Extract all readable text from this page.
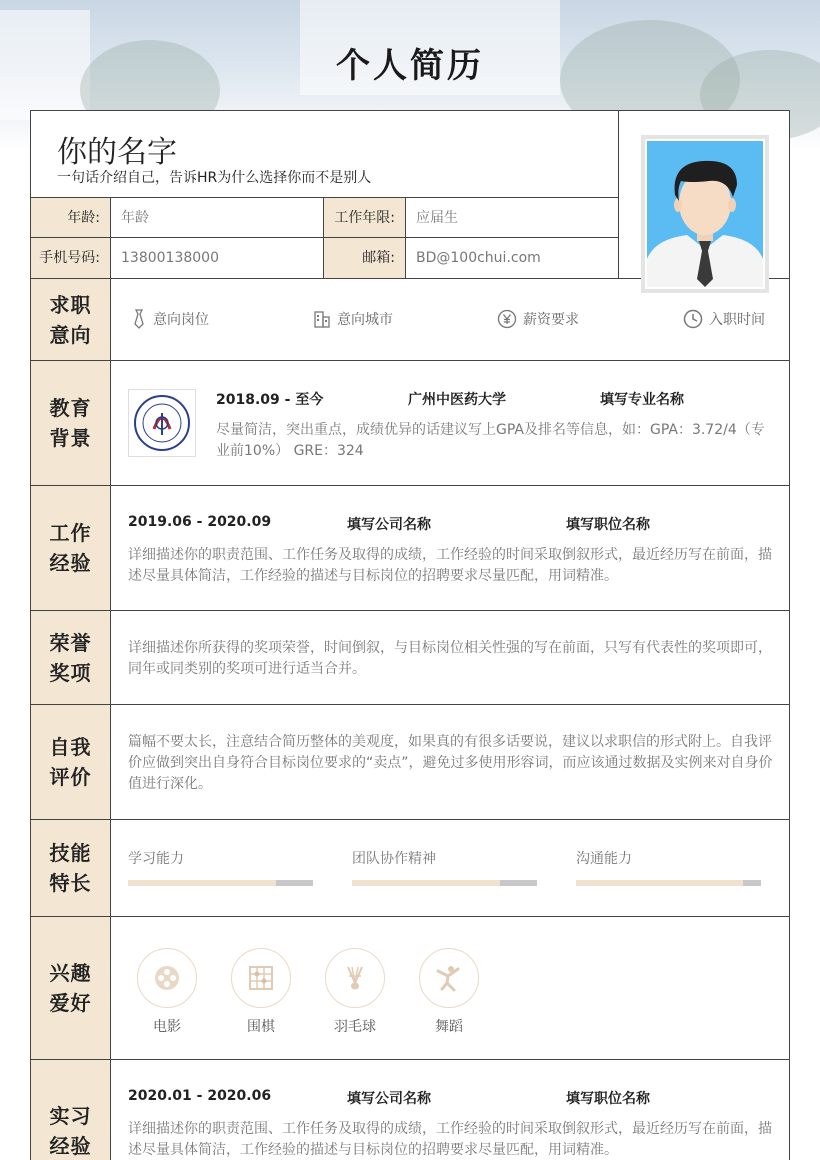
个人简历
你的名字
一句话介绍自己，告诉HR为什么选择你而不是别人
年龄:	年龄	工作年限:	应届生
手机号码:	13800138000	邮箱:	BD@100chui.com
求职
意向
意向岗位	意向城市	薪资要求	入职时间
教育
背景
2018.09 - 至今	广州中医药大学	填写专业名称
尽量简洁，突出重点，成绩优异的话建议写上GPA及排名等信息，如：GPA：3.72/4（专业前10%） GRE：324
工作
经验
2019.06 - 2020.09	填写公司名称	填写职位名称
详细描述你的职责范围、工作任务及取得的成绩，工作经验的时间采取倒叙形式，最近经历写在前面，描述尽量具体简洁，工作经验的描述与目标岗位的招聘要求尽量匹配，用词精准。
荣誉
奖项
详细描述你所获得的奖项荣誉，时间倒叙，与目标岗位相关性强的写在前面，只写有代表性的奖项即可，同年或同类别的奖项可进行适当合并。
自我
评价
篇幅不要太长，注意结合简历整体的美观度，如果真的有很多话要说，建议以求职信的形式附上。自我评价应做到突出自身符合目标岗位要求的“卖点”，避免过多使用形容词，而应该通过数据及实例来对自身价值进行深化。
技能
特长
学习能力	团队协作精神	沟通能力
兴趣
爱好
电影	围棋	羽毛球	舞蹈
实习
经验
2020.01 - 2020.06	填写公司名称	填写职位名称
详细描述你的职责范围、工作任务及取得的成绩，工作经验的时间采取倒叙形式，最近经历写在前面，描述尽量具体简洁，工作经验的描述与目标岗位的招聘要求尽量匹配，用词精准。
